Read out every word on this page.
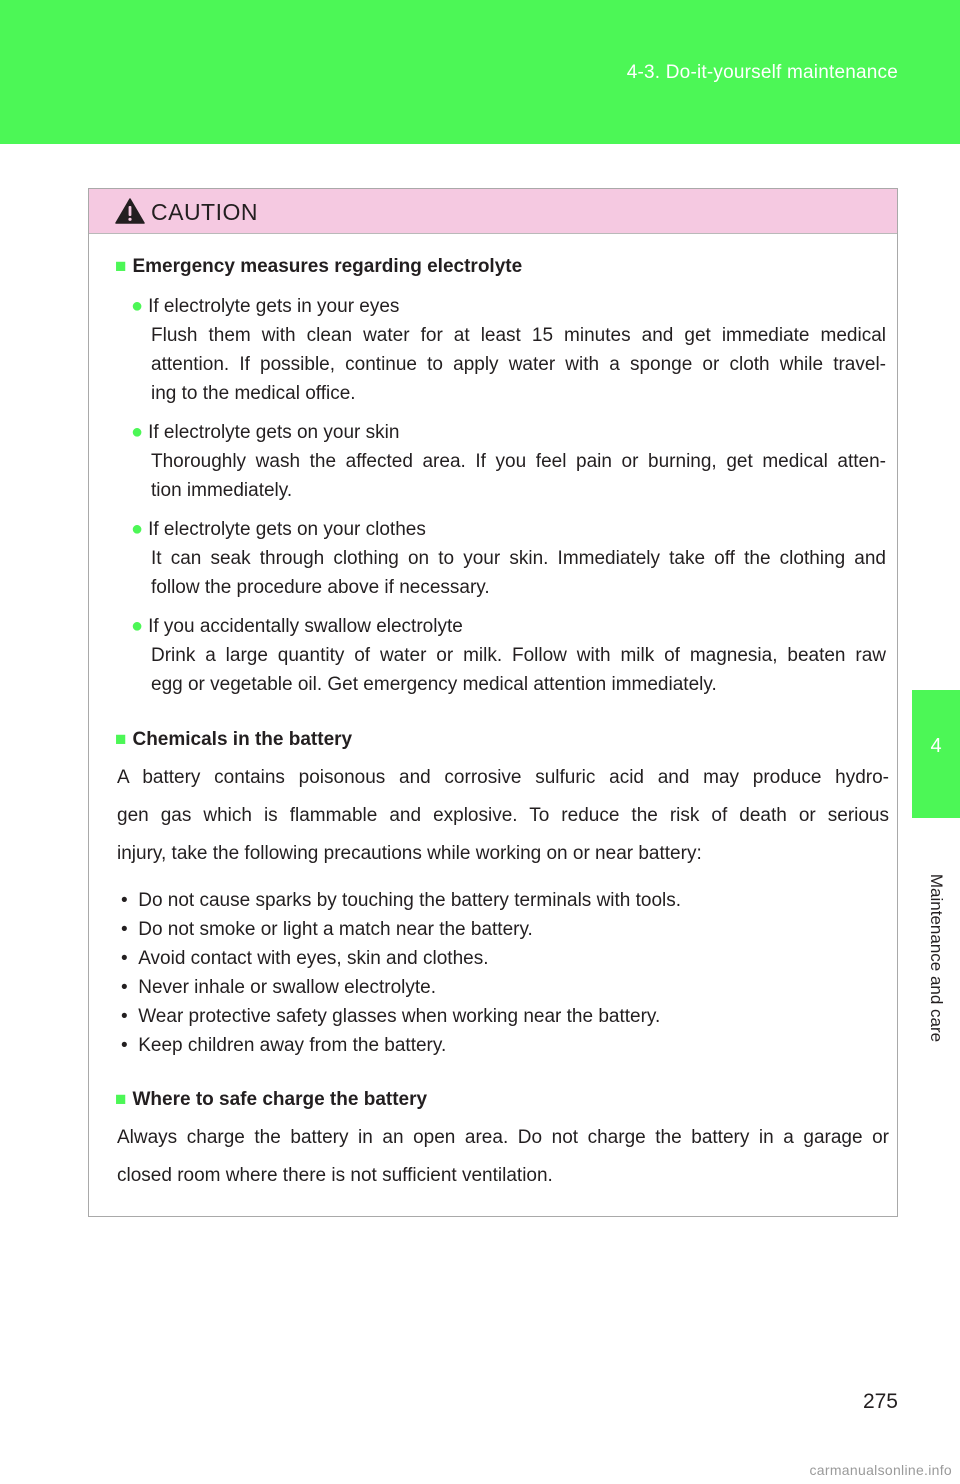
4-3. Do-it-yourself maintenance
4
Maintenance and care
CAUTION
■ Emergency measures regarding electrolyte
● If electrolyte gets in your eyes
Flush them with clean water for at least 15 minutes and get immediate medical
attention. If possible, continue to apply water with a sponge or cloth while travel-
ing to the medical office.
● If electrolyte gets on your skin
Thoroughly wash the affected area. If you feel pain or burning, get medical atten-
tion immediately.
● If electrolyte gets on your clothes
It can seak through clothing on to your skin. Immediately take off the clothing and
follow the procedure above if necessary.
● If you accidentally swallow electrolyte
Drink a large quantity of water or milk. Follow with milk of magnesia, beaten raw
egg or vegetable oil. Get emergency medical attention immediately.
■ Chemicals in the battery
A battery contains poisonous and corrosive sulfuric acid and may produce hydro-
gen gas which is flammable and explosive. To reduce the risk of death or serious
injury, take the following precautions while working on or near battery:
•  Do not cause sparks by touching the battery terminals with tools.
•  Do not smoke or light a match near the battery.
•  Avoid contact with eyes, skin and clothes.
•  Never inhale or swallow electrolyte.
•  Wear protective safety glasses when working near the battery.
•  Keep children away from the battery.
■ Where to safe charge the battery
Always charge the battery in an open area. Do not charge the battery in a garage or
closed room where there is not sufficient ventilation.
275
carmanualsonline.info
